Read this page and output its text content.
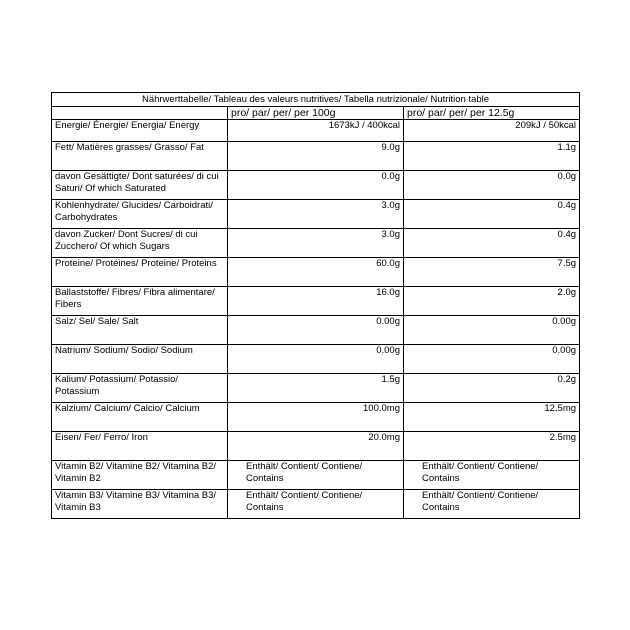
Nährwerttabelle/ Tableau des valeurs nutritives/ Tabella nutrizionale/ Nutrition table		
	pro/ par/ per/ per 100g	pro/ par/ per/ per 12.5g
Energie/ Énergie/ Energia/ Energy	1673kJ / 400kcal	209kJ / 50kcal
Fett/ Matières grasses/ Grasso/ Fat	9.0g	1.1g
davon Gesättigte/ Dont saturées/ di cui Saturi/ Of which Saturated	0.0g	0.0g
Kohlenhydrate/ Glucides/ Carboidrati/ Carbohydrates	3.0g	0.4g
davon Zucker/ Dont Sucres/ di cui Zucchero/ Of which Sugars	3.0g	0.4g
Proteine/ Protéines/ Proteine/ Proteins	60.0g	7.5g
Ballaststoffe/ Fibres/ Fibra alimentare/ Fibers	16.0g	2.0g
Salz/ Sel/ Sale/ Salt	0.00g	0.00g
Natrium/ Sodium/ Sodio/ Sodium	0.00g	0.00g
Kalium/ Potassium/ Potassio/ Potassium	1.5g	0.2g
Kalzium/ Calcium/ Calcio/ Calcium	100.0mg	12.5mg
Eisen/ Fer/ Ferro/ Iron	20.0mg	2.5mg
Vitamin B2/ Vitamine B2/ Vitamina B2/ Vitamin B2	Enthält/ Contient/ Contiene/ Contains	Enthält/ Contient/ Contiene/ Contains
Vitamin B3/ Vitamine B3/ Vitamina B3/ Vitamin B3	Enthält/ Contient/ Contiene/ Contains	Enthält/ Contient/ Contiene/ Contains
